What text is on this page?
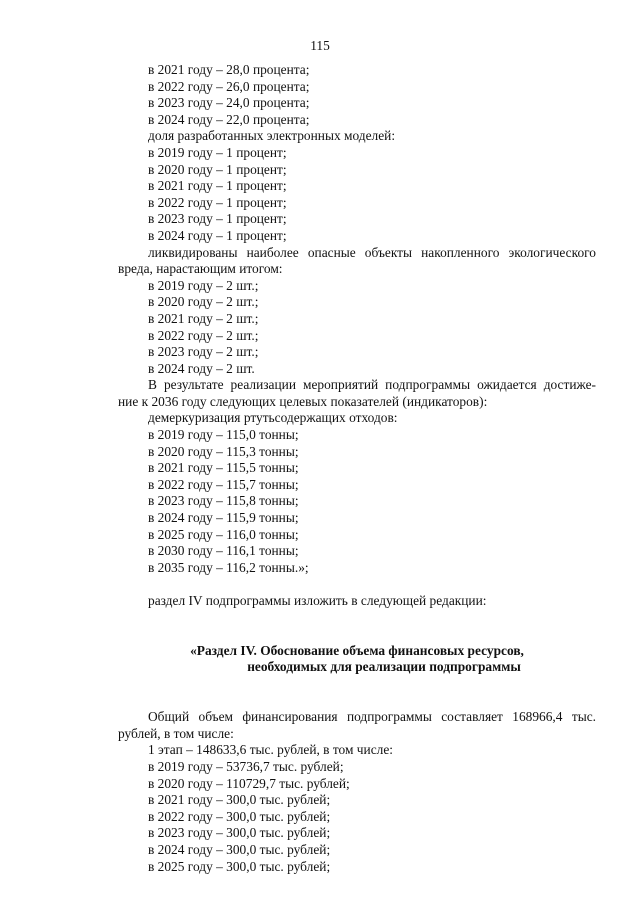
115
в 2021 году – 28,0 процента;
в 2022 году – 26,0 процента;
в 2023 году – 24,0 процента;
в 2024 году – 22,0 процента;
доля разработанных электронных моделей:
в 2019 году – 1 процент;
в 2020 году – 1 процент;
в 2021 году – 1 процент;
в 2022 году – 1 процент;
в 2023 году – 1 процент;
в 2024 году – 1 процент;
ликвидированы наиболее опасные объекты накопленного экологического
вреда, нарастающим итогом:
в 2019 году – 2 шт.;
в 2020 году – 2 шт.;
в 2021 году – 2 шт.;
в 2022 году – 2 шт.;
в 2023 году – 2 шт.;
в 2024 году – 2 шт.
В результате реализации мероприятий подпрограммы ожидается достиже-
ние к 2036 году следующих целевых показателей (индикаторов):
демеркуризация ртутьсодержащих отходов:
в 2019 году – 115,0 тонны;
в 2020 году – 115,3 тонны;
в 2021 году – 115,5 тонны;
в 2022 году – 115,7 тонны;
в 2023 году – 115,8 тонны;
в 2024 году – 115,9 тонны;
в 2025 году – 116,0 тонны;
в 2030 году – 116,1 тонны;
в 2035 году – 116,2 тонны.»;
раздел IV подпрограммы изложить в следующей редакции:
«Раздел IV. Обоснование объема финансовых ресурсов,
необходимых для реализации подпрограммы
Общий объем финансирования подпрограммы составляет 168966,4 тыс.
рублей, в том числе:
1 этап – 148633,6 тыс. рублей, в том числе:
в 2019 году – 53736,7 тыс. рублей;
в 2020 году – 110729,7 тыс. рублей;
в 2021 году – 300,0 тыс. рублей;
в 2022 году – 300,0 тыс. рублей;
в 2023 году – 300,0 тыс. рублей;
в 2024 году – 300,0 тыс. рублей;
в 2025 году – 300,0 тыс. рублей;
